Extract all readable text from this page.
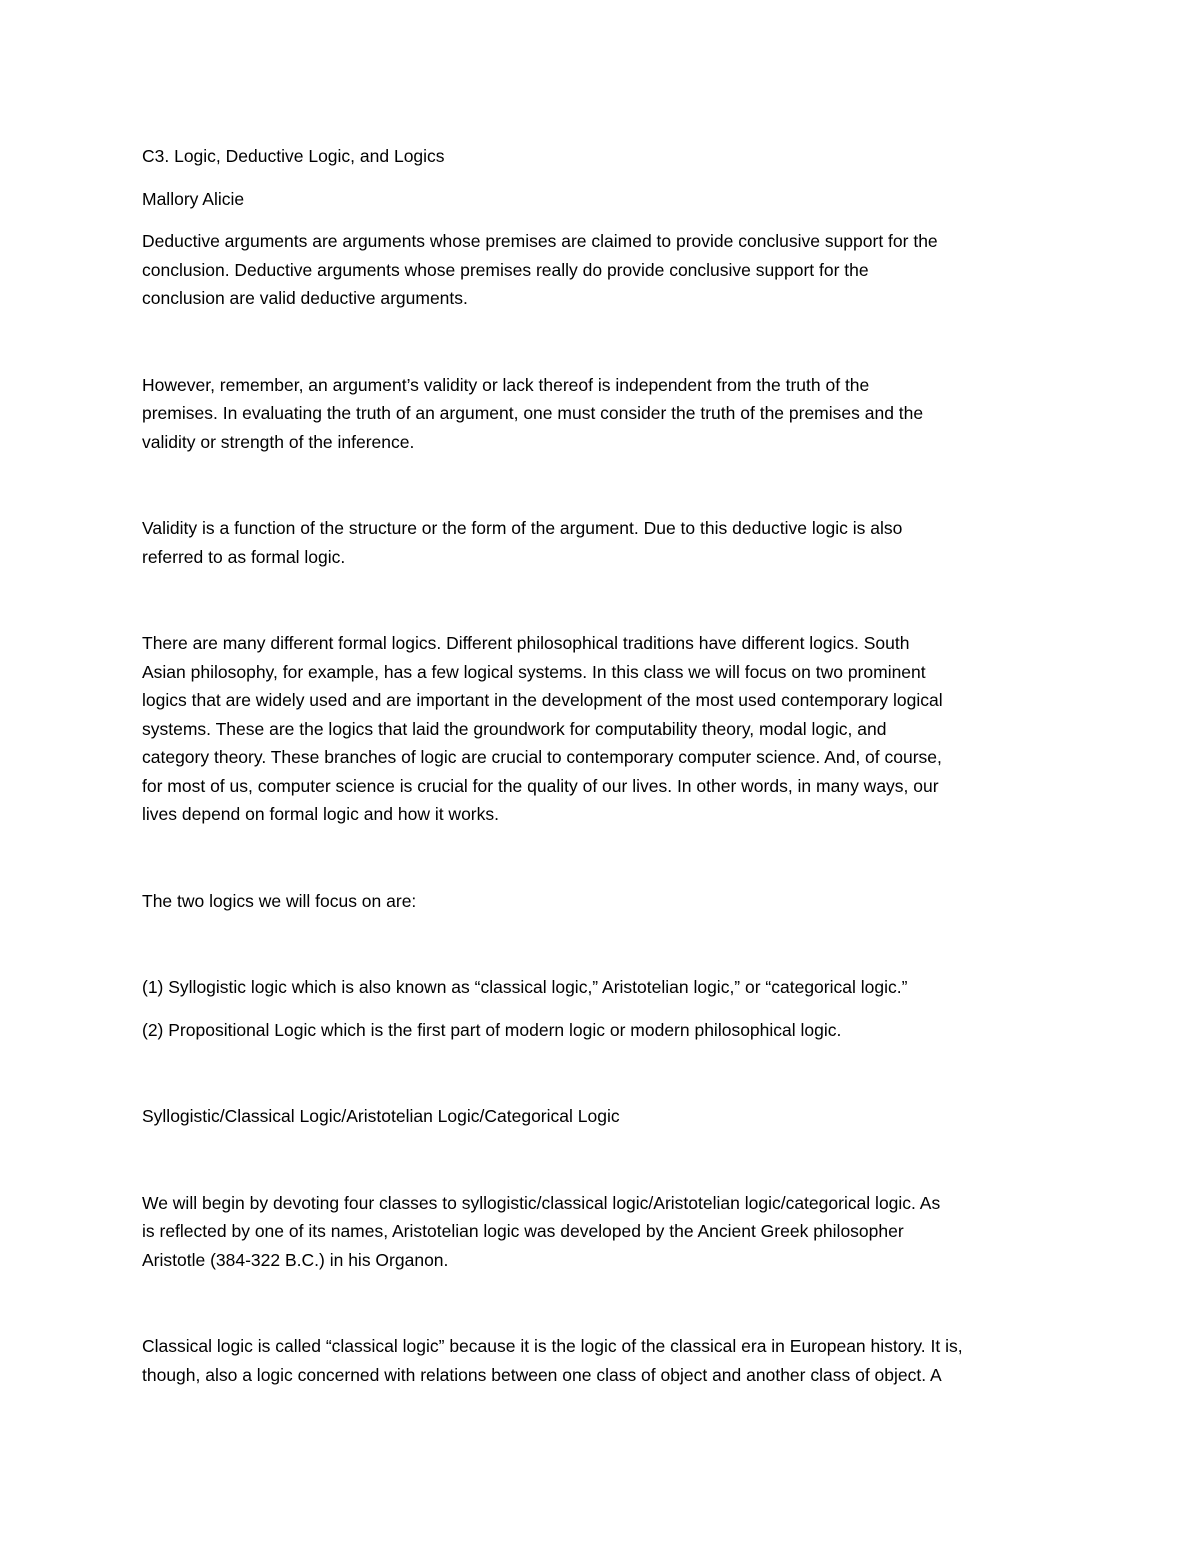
C3. Logic, Deductive Logic, and Logics

Mallory Alicie

Deductive arguments are arguments whose premises are claimed to provide conclusive support for the

conclusion. Deductive arguments whose premises really do provide conclusive support for the

conclusion are valid deductive arguments.

However, remember, an argument’s validity or lack thereof is independent from the truth of the

premises. In evaluating the truth of an argument, one must consider the truth of the premises and the

validity or strength of the inference.

Validity is a function of the structure or the form of the argument. Due to this deductive logic is also

referred to as formal logic.

There are many different formal logics. Different philosophical traditions have different logics. South

Asian philosophy, for example, has a few logical systems. In this class we will focus on two prominent

logics that are widely used and are important in the development of the most used contemporary logical

systems. These are the logics that laid the groundwork for computability theory, modal logic, and

category theory. These branches of logic are crucial to contemporary computer science. And, of course,

for most of us, computer science is crucial for the quality of our lives. In other words, in many ways, our

lives depend on formal logic and how it works.

The two logics we will focus on are:

(1) Syllogistic logic which is also known as “classical logic,” Aristotelian logic,” or “categorical logic.”

(2) Propositional Logic which is the first part of modern logic or modern philosophical logic.

Syllogistic/Classical Logic/Aristotelian Logic/Categorical Logic

We will begin by devoting four classes to syllogistic/classical logic/Aristotelian logic/categorical logic. As

is reflected by one of its names, Aristotelian logic was developed by the Ancient Greek philosopher

Aristotle (384-322 B.C.) in his Organon.

Classical logic is called “classical logic” because it is the logic of the classical era in European history. It is,

though, also a logic concerned with relations between one class of object and another class of object. A
